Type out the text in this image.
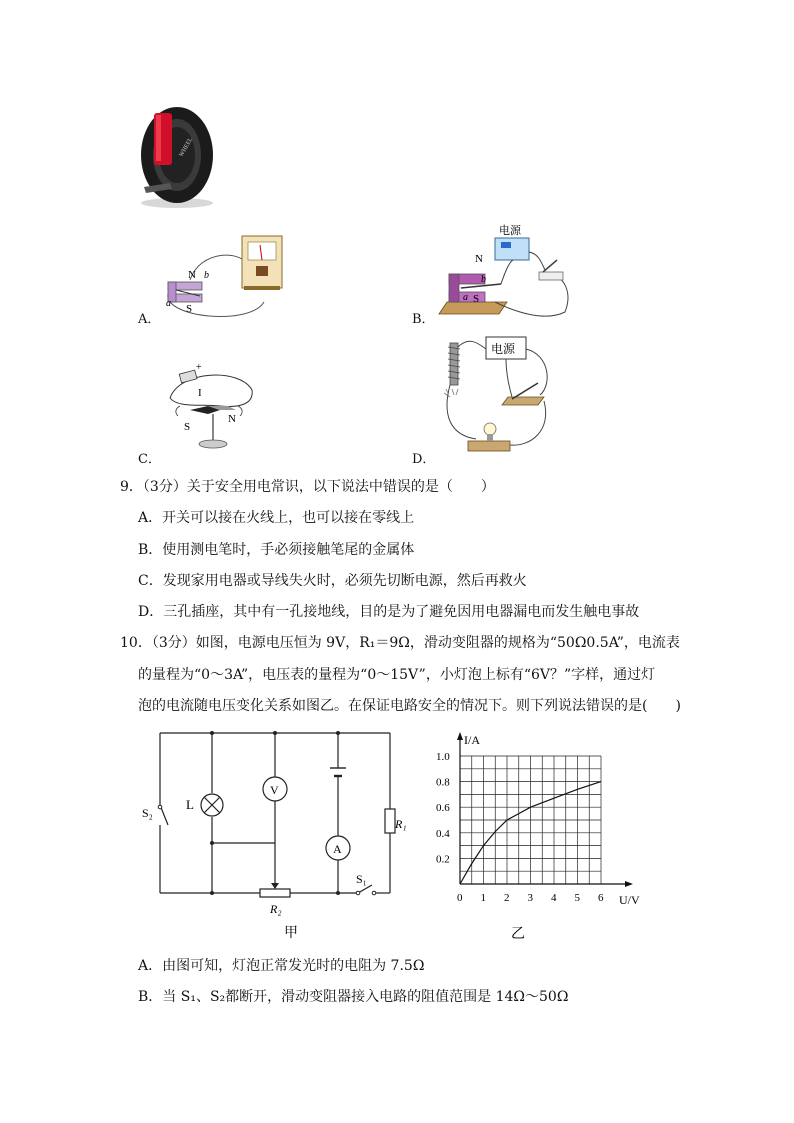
WHEEL
N b
S
a
A．
电源
N
b
a S
B．
+
I
S
N
C．
电源
D．
9．（3分）关于安全用电常识，以下说法中错误的是（　　）
A．开关可以接在火线上，也可以接在零线上
B．使用测电笔时，手必须接触笔尾的金属体
C．发现家用电器或导线失火时，必须先切断电源，然后再救火
D．三孔插座，其中有一孔接地线，目的是为了避免因用电器漏电而发生触电事故
10．（3分）如图，电源电压恒为 9V，R₁＝9Ω，滑动变阻器的规格为“50Ω0.5A”，电流表
的量程为“0～3A”，电压表的量程为“0～15V”，小灯泡上标有“6V？”字样，通过灯
泡的电流随电压变化关系如图乙。在保证电路安全的情况下。则下列说法错误的是(　　)
L
V
A
R₁
R₂
S₁
S₂
甲
0 1 2 3 4 5 6
0.2
0.4
0.6
0.8
1.0
I/A
U/V
乙
A．由图可知，灯泡正常发光时的电阻为 7.5Ω
B．当 S₁、S₂都断开，滑动变阻器接入电路的阻值范围是 14Ω～50Ω
